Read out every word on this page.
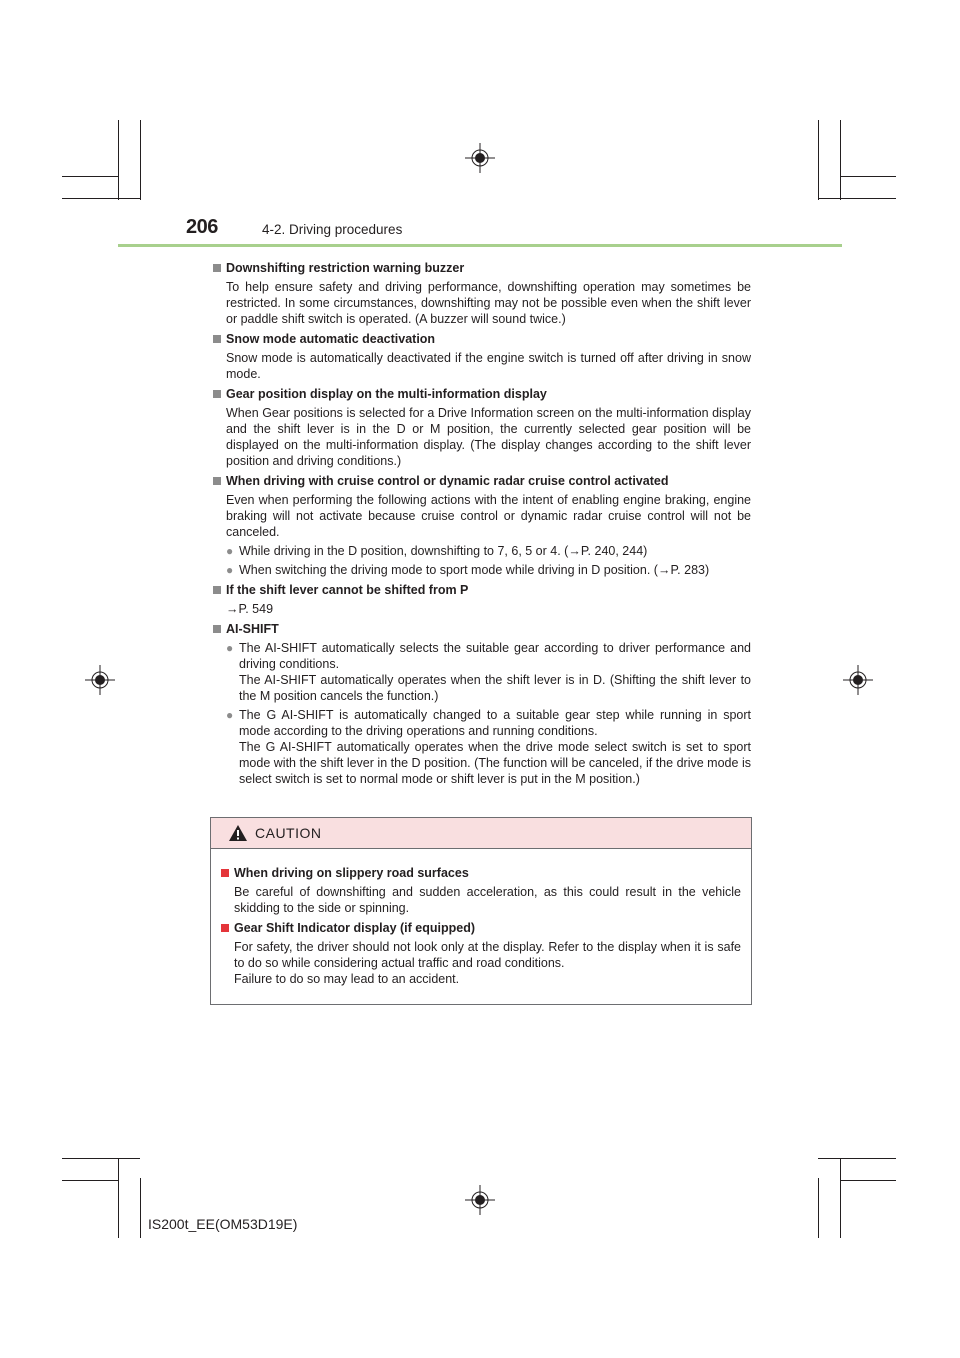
206	4-2. Driving procedures
Downshifting restriction warning buzzer
To help ensure safety and driving performance, downshifting operation may sometimes be restricted. In some circumstances, downshifting may not be possible even when the shift lever or paddle shift switch is operated. (A buzzer will sound twice.)
Snow mode automatic deactivation
Snow mode is automatically deactivated if the engine switch is turned off after driving in snow mode.
Gear position display on the multi-information display
When Gear positions is selected for a Drive Information screen on the multi-information display and the shift lever is in the D or M position, the currently selected gear position will be displayed on the multi-information display. (The display changes according to the shift lever position and driving conditions.)
When driving with cruise control or dynamic radar cruise control activated
Even when performing the following actions with the intent of enabling engine braking, engine braking will not activate because cruise control or dynamic radar cruise control will not be canceled.
● While driving in the D position, downshifting to 7, 6, 5 or 4. (→P. 240, 244)
● When switching the driving mode to sport mode while driving in D position. (→P. 283)
If the shift lever cannot be shifted from P
→P. 549
AI-SHIFT
● The AI-SHIFT automatically selects the suitable gear according to driver performance and driving conditions.
The AI-SHIFT automatically operates when the shift lever is in D. (Shifting the shift lever to the M position cancels the function.)
● The G AI-SHIFT is automatically changed to a suitable gear step while running in sport mode according to the driving operations and running conditions.
The G AI-SHIFT automatically operates when the drive mode select switch is set to sport mode with the shift lever in the D position. (The function will be canceled, if the drive mode is select switch is set to normal mode or shift lever is put in the M position.)
CAUTION
When driving on slippery road surfaces
Be careful of downshifting and sudden acceleration, as this could result in the vehicle skidding to the side or spinning.
Gear Shift Indicator display (if equipped)
For safety, the driver should not look only at the display. Refer to the display when it is safe to do so while considering actual traffic and road conditions.
Failure to do so may lead to an accident.
IS200t_EE(OM53D19E)
